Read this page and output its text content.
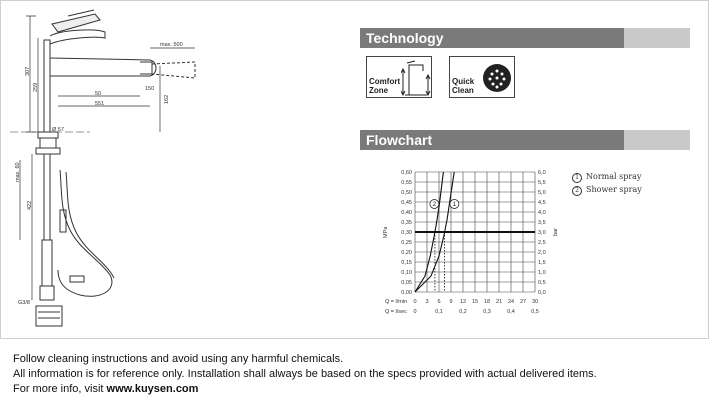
307
259	150
50
551	162
max. 500
Ø 57
max. 60
422
G3/8
Technology
Comfort
Zone
Quick
Clean
Flowchart
0,60
0,55
0,50
0,45
0,40
0,35
0,30
0,25
0,20
0,15
0,10
0,05
0,00
6,0
5,5
5,0
4,5
4,0
3,5
3,0
2,5
2,0
1,5
1,0
0,5
0,0
MPa	bar
Q = l/min 0 3 6 9 12 15 18 21 24 27 30
Q = l/sec 0	0,1	0,2	0,3	0,4	0,5
1
2
1 Normal spray
2 Shower spray
Follow cleaning instructions and avoid using any harmful chemicals.
All information is for reference only. Installation shall always be based on the specs provided with actual delivered items.
For more info, visit www.kuysen.com
